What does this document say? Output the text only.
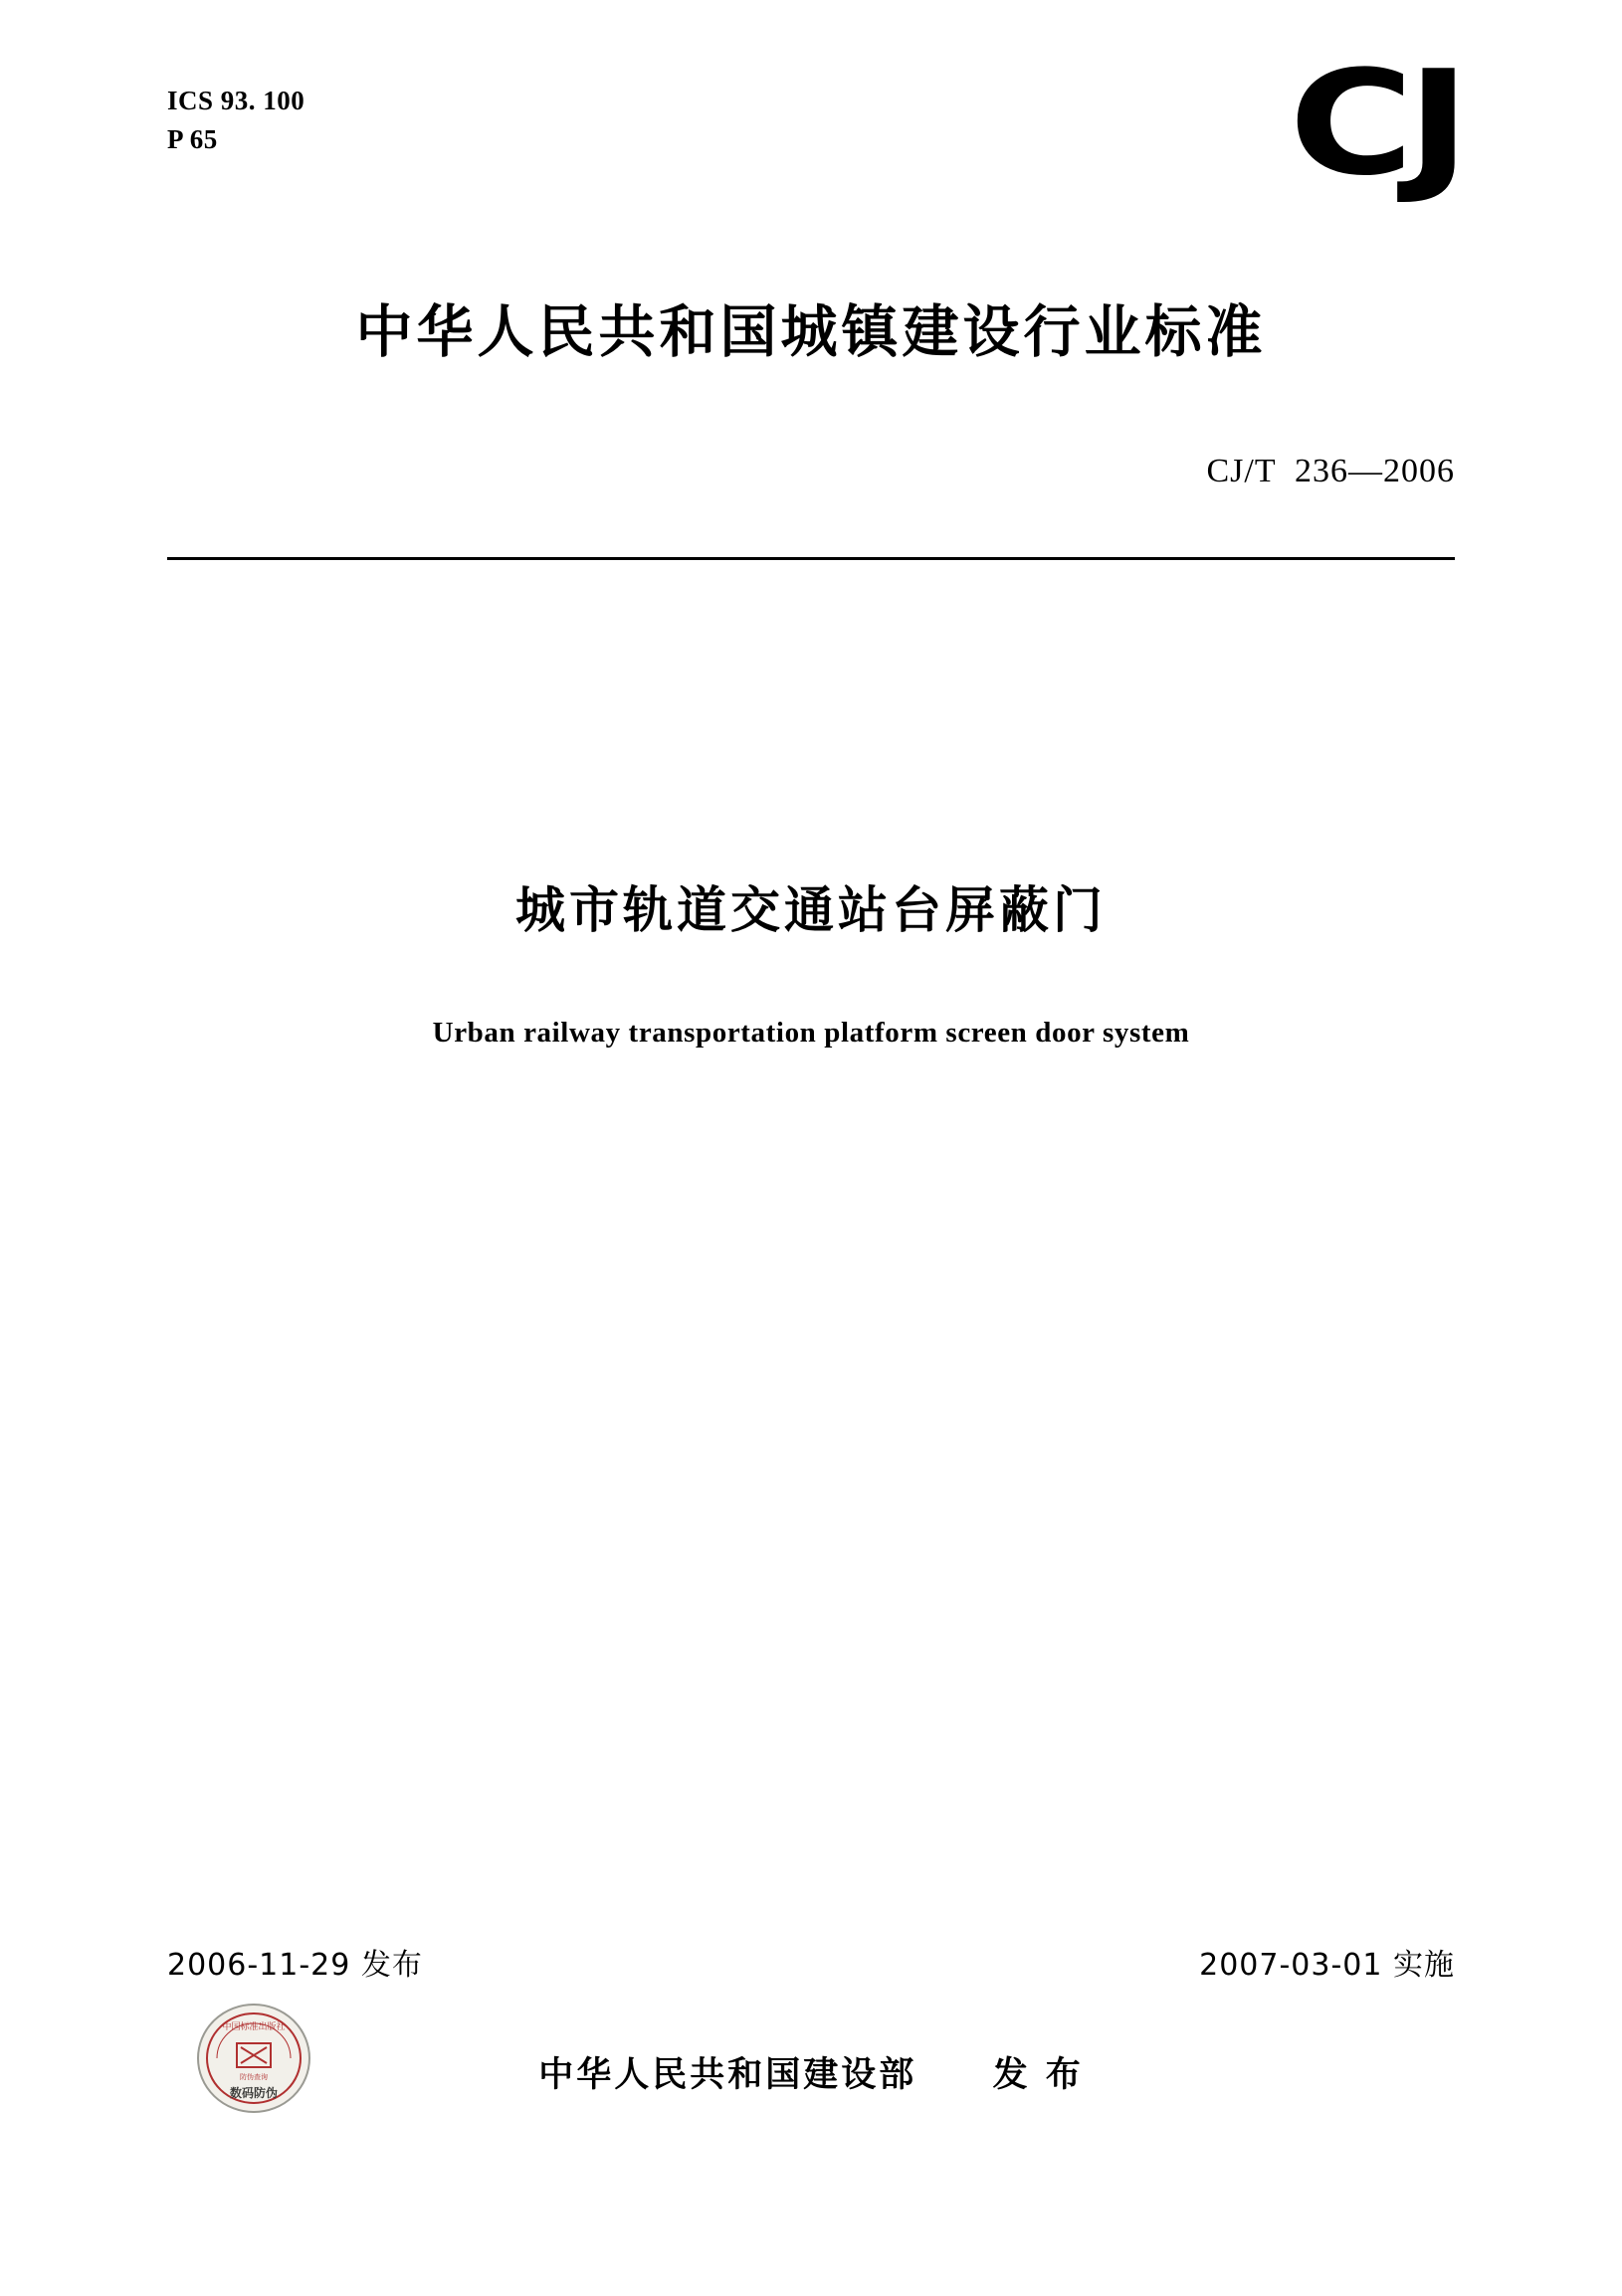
ICS 93. 100
P 65	CJ
中华人民共和国城镇建设行业标准
CJ/T  236—2006
城市轨道交通站台屏蔽门
Urban railway transportation platform screen door system
2006-11-29 发布	2007-03-01 实施
中国标准出版社
防伪查询
数码防伪	中华人民共和国建设部 发 布
